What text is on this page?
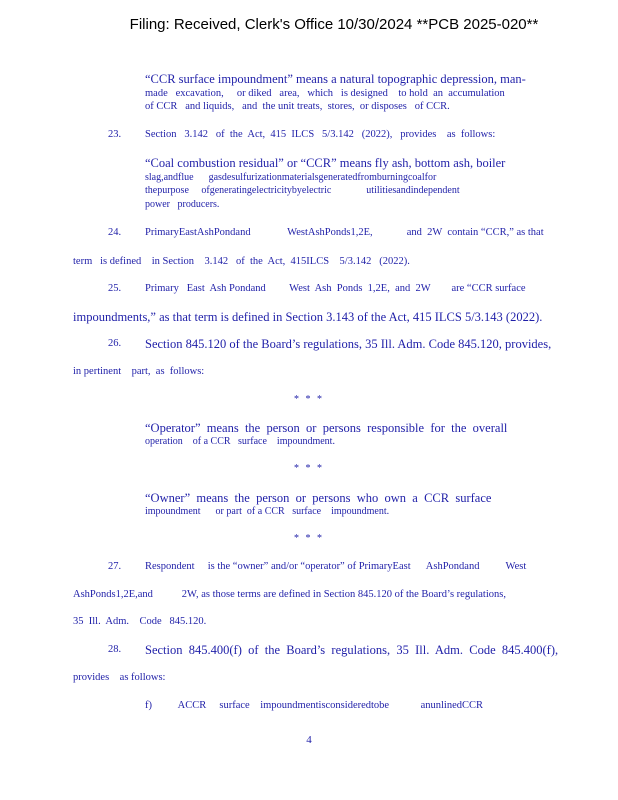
Filing: Received, Clerk's Office 10/30/2024 **PCB 2025-020**
“CCR surface impoundment” means a natural topographic depression, man-
made   excavation,     or diked   area,   which   is designed    to hold  an  accumulation
of CCR   and liquids,   and  the unit treats,  stores,  or disposes   of CCR.
23. Section   3.142   of  the  Act,  415  ILCS   5/3.142   (2022),   provides    as  follows:
“Coal combustion residual” or “CCR” means fly ash, bottom ash, boiler
slag,andflue      gasdesulfurizationmaterialsgeneratedfromburningcoalfor
thepurpose     ofgeneratingelectricitybyelectric              utilitiesandindependent
power   producers.
24. PrimaryEastAshPondand              WestAshPonds1,2E,             and  2W  contain “CCR,” as that
term   is defined    in Section    3.142   of  the  Act,  415ILCS    5/3.142   (2022).
25. Primary   East  Ash Pondand         West  Ash  Ponds  1,2E,  and  2W        are “CCR surface
impoundments,” as that term is defined in Section 3.143 of the Act, 415 ILCS 5/3.143 (2022).
26. Section 845.120 of the Board’s regulations, 35 Ill. Adm. Code 845.120, provides,
in pertinent    part,  as  follows:
* * *
“Operator”  means  the  person  or  persons  responsible  for  the  overall
operation    of a CCR   surface    impoundment.
* * *
“Owner”  means  the  person  or  persons  who  own  a  CCR  surface
impoundment      or part  of a CCR   surface    impoundment.
* * *
27. Respondent     is the “owner” and/or “operator” of PrimaryEast      AshPondand          West
AshPonds1,2E,and           2W, as those terms are defined in Section 845.120 of the Board’s regulations,
35  Ill.  Adm.    Code   845.120.
28. Section  845.400(f)  of  the  Board’s  regulations,  35  Ill.  Adm.  Code  845.400(f),
provides    as follows:
f)          ACCR     surface    impoundmentisconsideredtobe            anunlinedCCR
4
